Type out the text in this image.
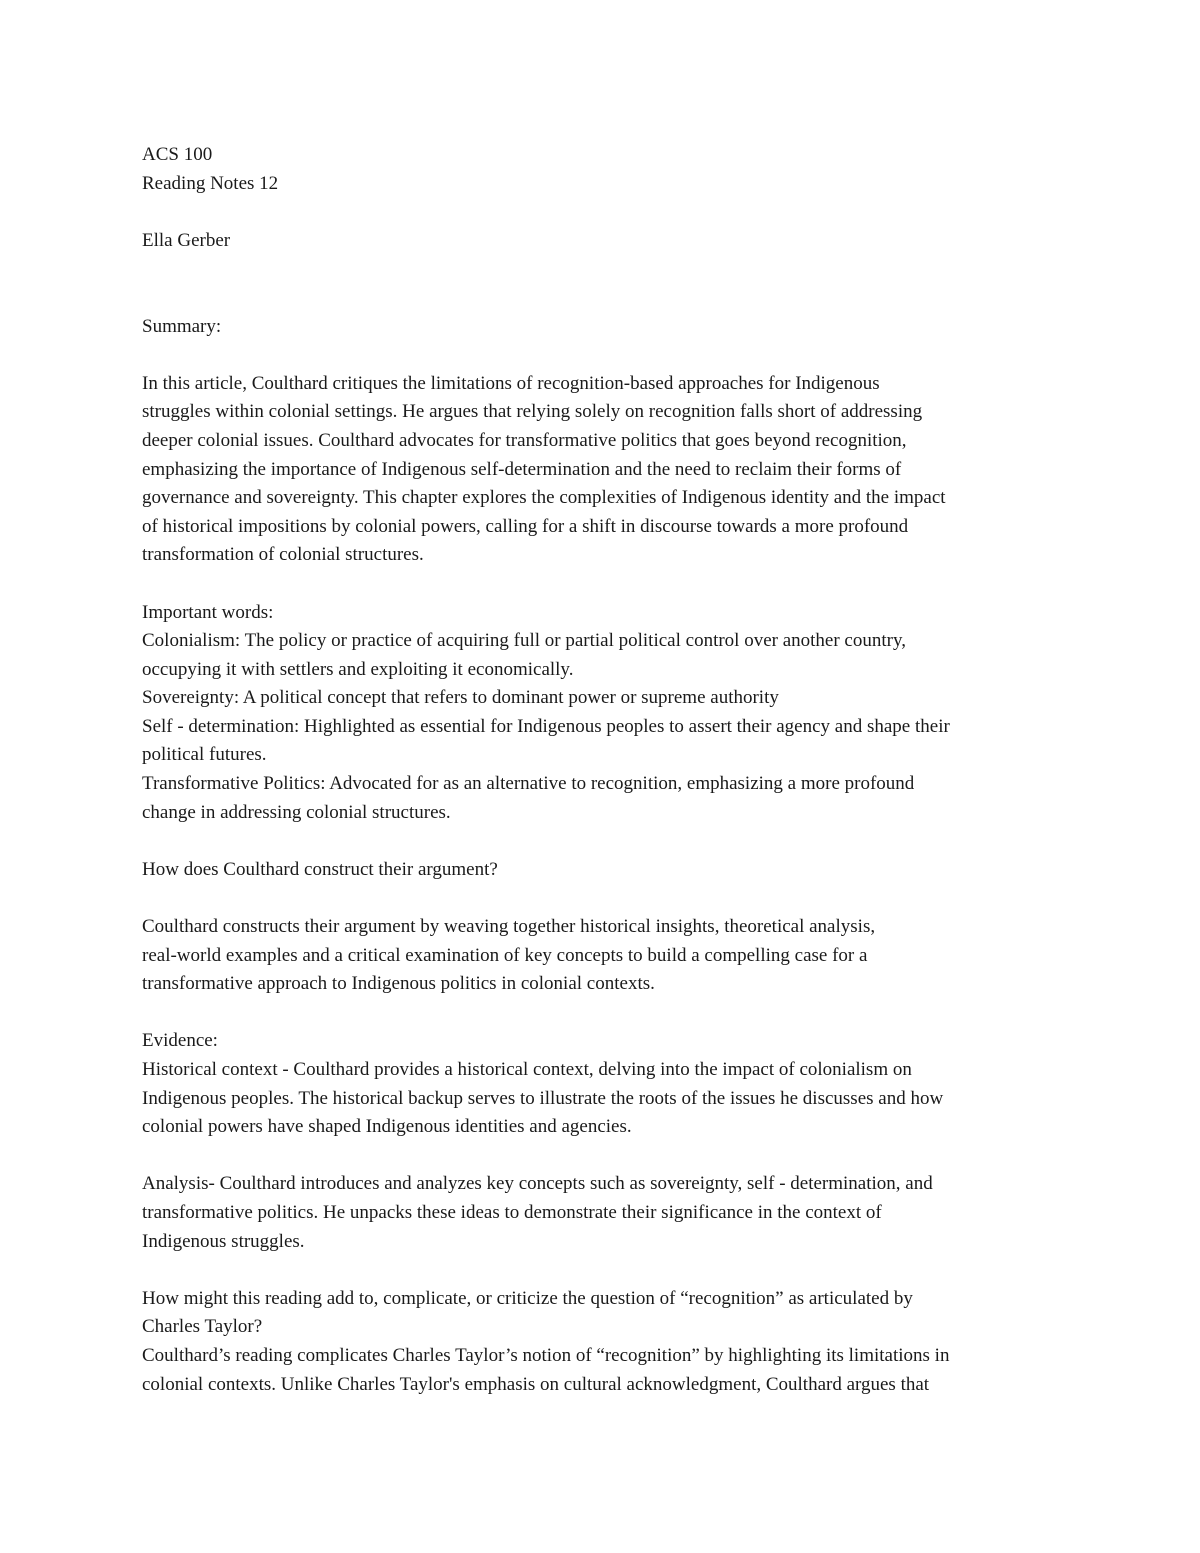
ACS 100
Reading Notes 12
Ella Gerber
Summary:
In this article, Coulthard critiques the limitations of recognition-based approaches for Indigenous
struggles within colonial settings. He argues that relying solely on recognition falls short of addressing
deeper colonial issues. Coulthard advocates for transformative politics that goes beyond recognition,
emphasizing the importance of Indigenous self-determination and the need to reclaim their forms of
governance and sovereignty. This chapter explores the complexities of Indigenous identity and the impact
of historical impositions by colonial powers, calling for a shift in discourse towards a more profound
transformation of colonial structures.
Important words:
Colonialism: The policy or practice of acquiring full or partial political control over another country,
occupying it with settlers and exploiting it economically.
Sovereignty: A political concept that refers to dominant power or supreme authority
Self - determination: Highlighted as essential for Indigenous peoples to assert their agency and shape their
political futures.
Transformative Politics: Advocated for as an alternative to recognition, emphasizing a more profound
change in addressing colonial structures.
How does Coulthard construct their argument?
Coulthard constructs their argument by weaving together historical insights, theoretical analysis,
real-world examples and a critical examination of key concepts to build a compelling case for a
transformative approach to Indigenous politics in colonial contexts.
Evidence:
Historical context - Coulthard provides a historical context, delving into the impact of colonialism on
Indigenous peoples. The historical backup serves to illustrate the roots of the issues he discusses and how
colonial powers have shaped Indigenous identities and agencies.
Analysis- Coulthard introduces and analyzes key concepts such as sovereignty, self - determination, and
transformative politics. He unpacks these ideas to demonstrate their significance in the context of
Indigenous struggles.
How might this reading add to, complicate, or criticize the question of “recognition” as articulated by
Charles Taylor?
Coulthard’s reading complicates Charles Taylor’s notion of “recognition” by highlighting its limitations in
colonial contexts. Unlike Charles Taylor's emphasis on cultural acknowledgment, Coulthard argues that
